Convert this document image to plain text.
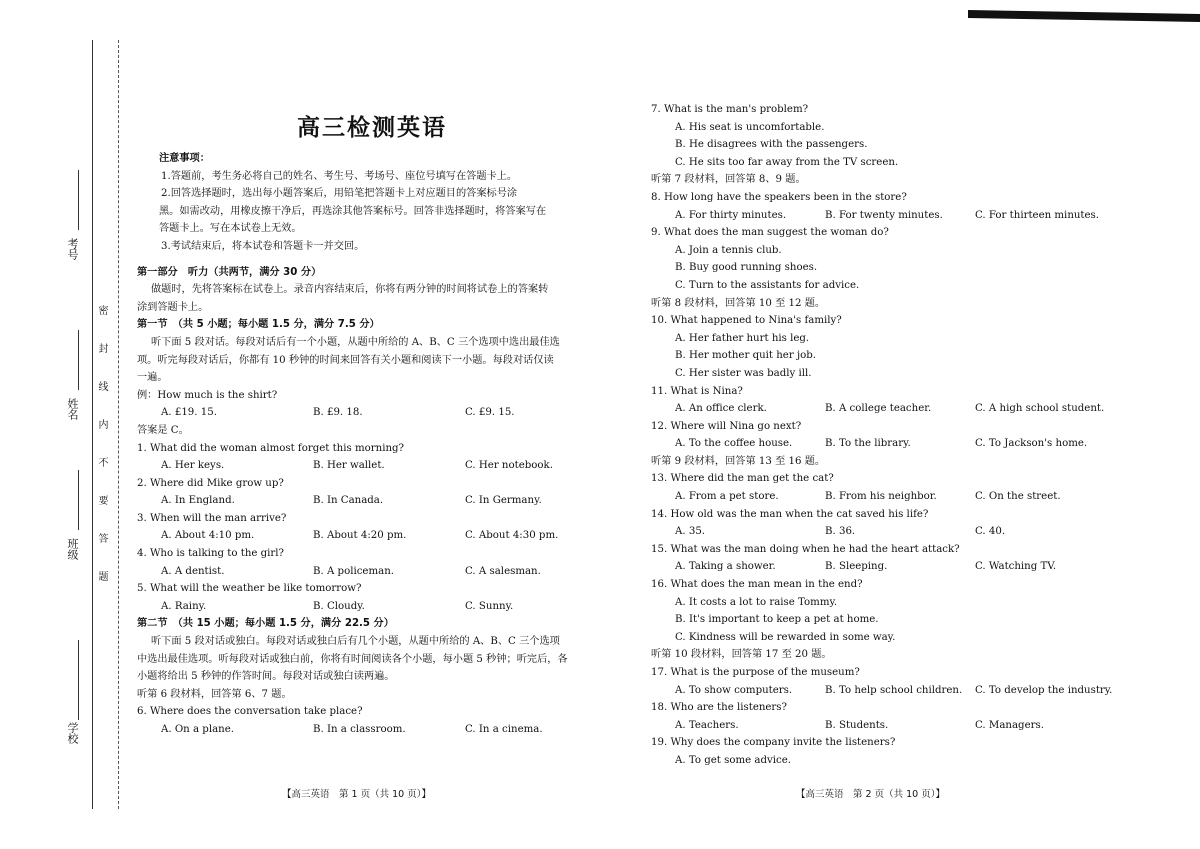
考号
姓名
班级
学校
密封线内不要答题

高三检测英语

注意事项：

1.答题前，考生务必将自己的姓名、考生号、考场号、座位号填写在答题卡上。

2.回答选择题时，选出每小题答案后，用铅笔把答题卡上对应题目的答案标号涂

黑。如需改动，用橡皮擦干净后，再选涂其他答案标号。回答非选择题时，将答案写在

答题卡上。写在本试卷上无效。

3.考试结束后，将本试卷和答题卡一并交回。

第一部分　听力（共两节，满分 30 分）

做题时，先将答案标在试卷上。录音内容结束后，你将有两分钟的时间将试卷上的答案转

涂到答题卡上。

第一节　（共 5 小题；每小题 1.5 分，满分 7.5 分）

听下面 5 段对话。每段对话后有一个小题，从题中所给的 A、B、C 三个选项中选出最佳选

项。听完每段对话后，你都有 10 秒钟的时间来回答有关小题和阅读下一小题。每段对话仅读

一遍。

例：How much is the shirt?

A. £19. 15.	B. £9. 18.	C. £9. 15.

答案是 C。

1. What did the woman almost forget this morning?

A. Her keys.	B. Her wallet.	C. Her notebook.

2. Where did Mike grow up?

A. In England.	B. In Canada.	C. In Germany.

3. When will the man arrive?

A. About 4:10 pm.	B. About 4:20 pm.	C. About 4:30 pm.

4. Who is talking to the girl?

A. A dentist.	B. A policeman.	C. A salesman.

5. What will the weather be like tomorrow?

A. Rainy.	B. Cloudy.	C. Sunny.

第二节　（共 15 小题；每小题 1.5 分，满分 22.5 分）

听下面 5 段对话或独白。每段对话或独白后有几个小题，从题中所给的 A、B、C 三个选项

中选出最佳选项。听每段对话或独白前，你将有时间阅读各个小题，每小题 5 秒钟；听完后，各

小题将给出 5 秒钟的作答时间。每段对话或独白读两遍。

听第 6 段材料，回答第 6、7 题。

6. Where does the conversation take place?

A. On a plane.	B. In a classroom.	C. In a cinema.

【高三英语　第 1 页（共 10 页）】

7. What is the man's problem?

A. His seat is uncomfortable.

B. He disagrees with the passengers.

C. He sits too far away from the TV screen.

听第 7 段材料，回答第 8、9 题。

8. How long have the speakers been in the store?

A. For thirty minutes.	B. For twenty minutes.	C. For thirteen minutes.

9. What does the man suggest the woman do?

A. Join a tennis club.

B. Buy good running shoes.

C. Turn to the assistants for advice.

听第 8 段材料，回答第 10 至 12 题。

10. What happened to Nina's family?

A. Her father hurt his leg.

B. Her mother quit her job.

C. Her sister was badly ill.

11. What is Nina?

A. An office clerk.	B. A college teacher.	C. A high school student.

12. Where will Nina go next?

A. To the coffee house.	B. To the library.	C. To Jackson's home.

听第 9 段材料，回答第 13 至 16 题。

13. Where did the man get the cat?

A. From a pet store.	B. From his neighbor.	C. On the street.

14. How old was the man when the cat saved his life?

A. 35.	B. 36.	C. 40.

15. What was the man doing when he had the heart attack?

A. Taking a shower.	B. Sleeping.	C. Watching TV.

16. What does the man mean in the end?

A. It costs a lot to raise Tommy.

B. It's important to keep a pet at home.

C. Kindness will be rewarded in some way.

听第 10 段材料，回答第 17 至 20 题。

17. What is the purpose of the museum?

A. To show computers.	B. To help school children.	C. To develop the industry.

18. Who are the listeners?

A. Teachers.	B. Students.	C. Managers.

19. Why does the company invite the listeners?

A. To get some advice.

【高三英语　第 2 页（共 10 页）】
